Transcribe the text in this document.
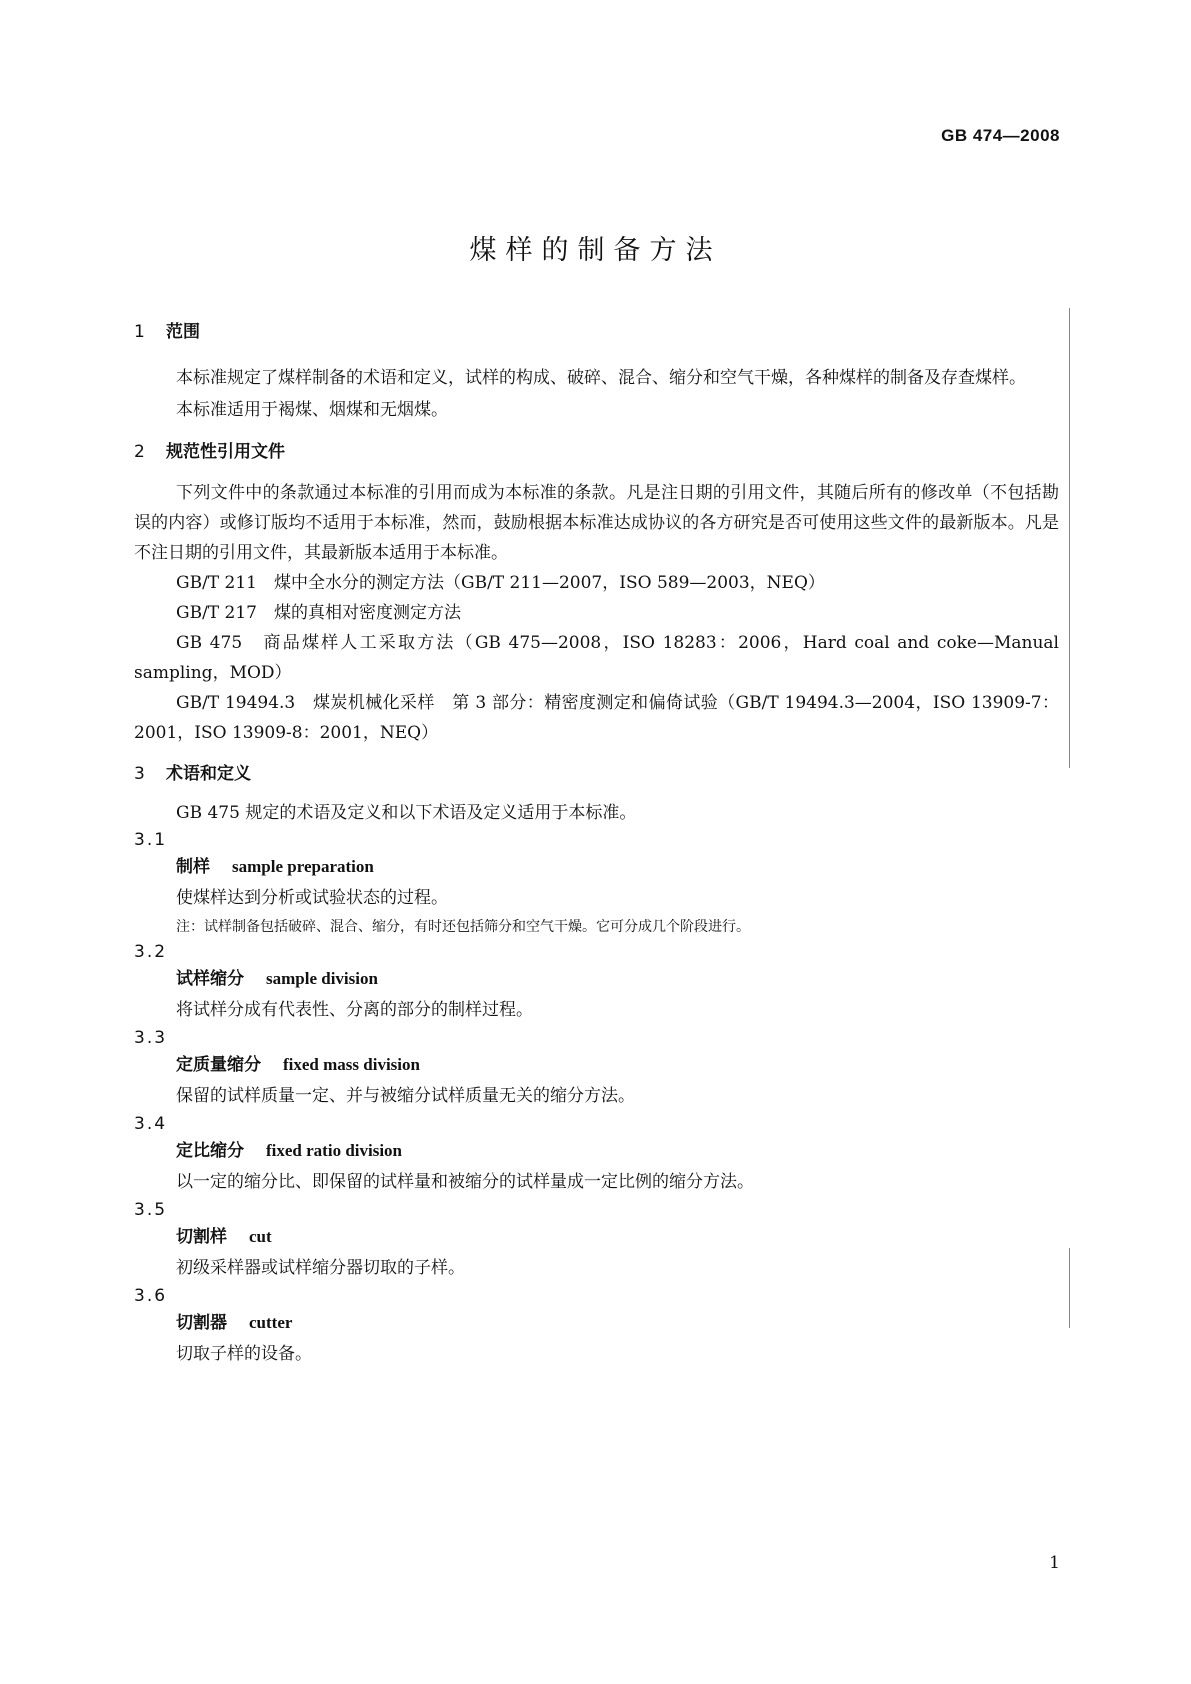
GB 474—2008
煤样的制备方法
1 范围

本标准规定了煤样制备的术语和定义，试样的构成、破碎、混合、缩分和空气干燥，各种煤样的制备及存查煤样。

本标准适用于褐煤、烟煤和无烟煤。

2 规范性引用文件

下列文件中的条款通过本标准的引用而成为本标准的条款。凡是注日期的引用文件，其随后所有的修改单（不包括勘误的内容）或修订版均不适用于本标准，然而，鼓励根据本标准达成协议的各方研究是否可使用这些文件的最新版本。凡是不注日期的引用文件，其最新版本适用于本标准。

GB/T 211　煤中全水分的测定方法（GB/T 211—2007，ISO 589—2003，NEQ）

GB/T 217　煤的真相对密度测定方法

GB 475　商品煤样人工采取方法（GB 475—2008，ISO 18283：2006，Hard coal and coke—Manual sampling，MOD）

GB/T 19494.3　煤炭机械化采样　第 3 部分：精密度测定和偏倚试验（GB/T 19494.3—2004，ISO 13909-7：2001，ISO 13909-8：2001，NEQ）

3 术语和定义

GB 475 规定的术语及定义和以下术语及定义适用于本标准。

3.1
制样 sample preparation
使煤样达到分析或试验状态的过程。
注：试样制备包括破碎、混合、缩分，有时还包括筛分和空气干燥。它可分成几个阶段进行。
3.2
试样缩分 sample division
将试样分成有代表性、分离的部分的制样过程。
3.3
定质量缩分 fixed mass division
保留的试样质量一定、并与被缩分试样质量无关的缩分方法。
3.4
定比缩分 fixed ratio division
以一定的缩分比、即保留的试样量和被缩分的试样量成一定比例的缩分方法。
3.5
切割样 cut
初级采样器或试样缩分器切取的子样。
3.6
切割器 cutter
切取子样的设备。
1
